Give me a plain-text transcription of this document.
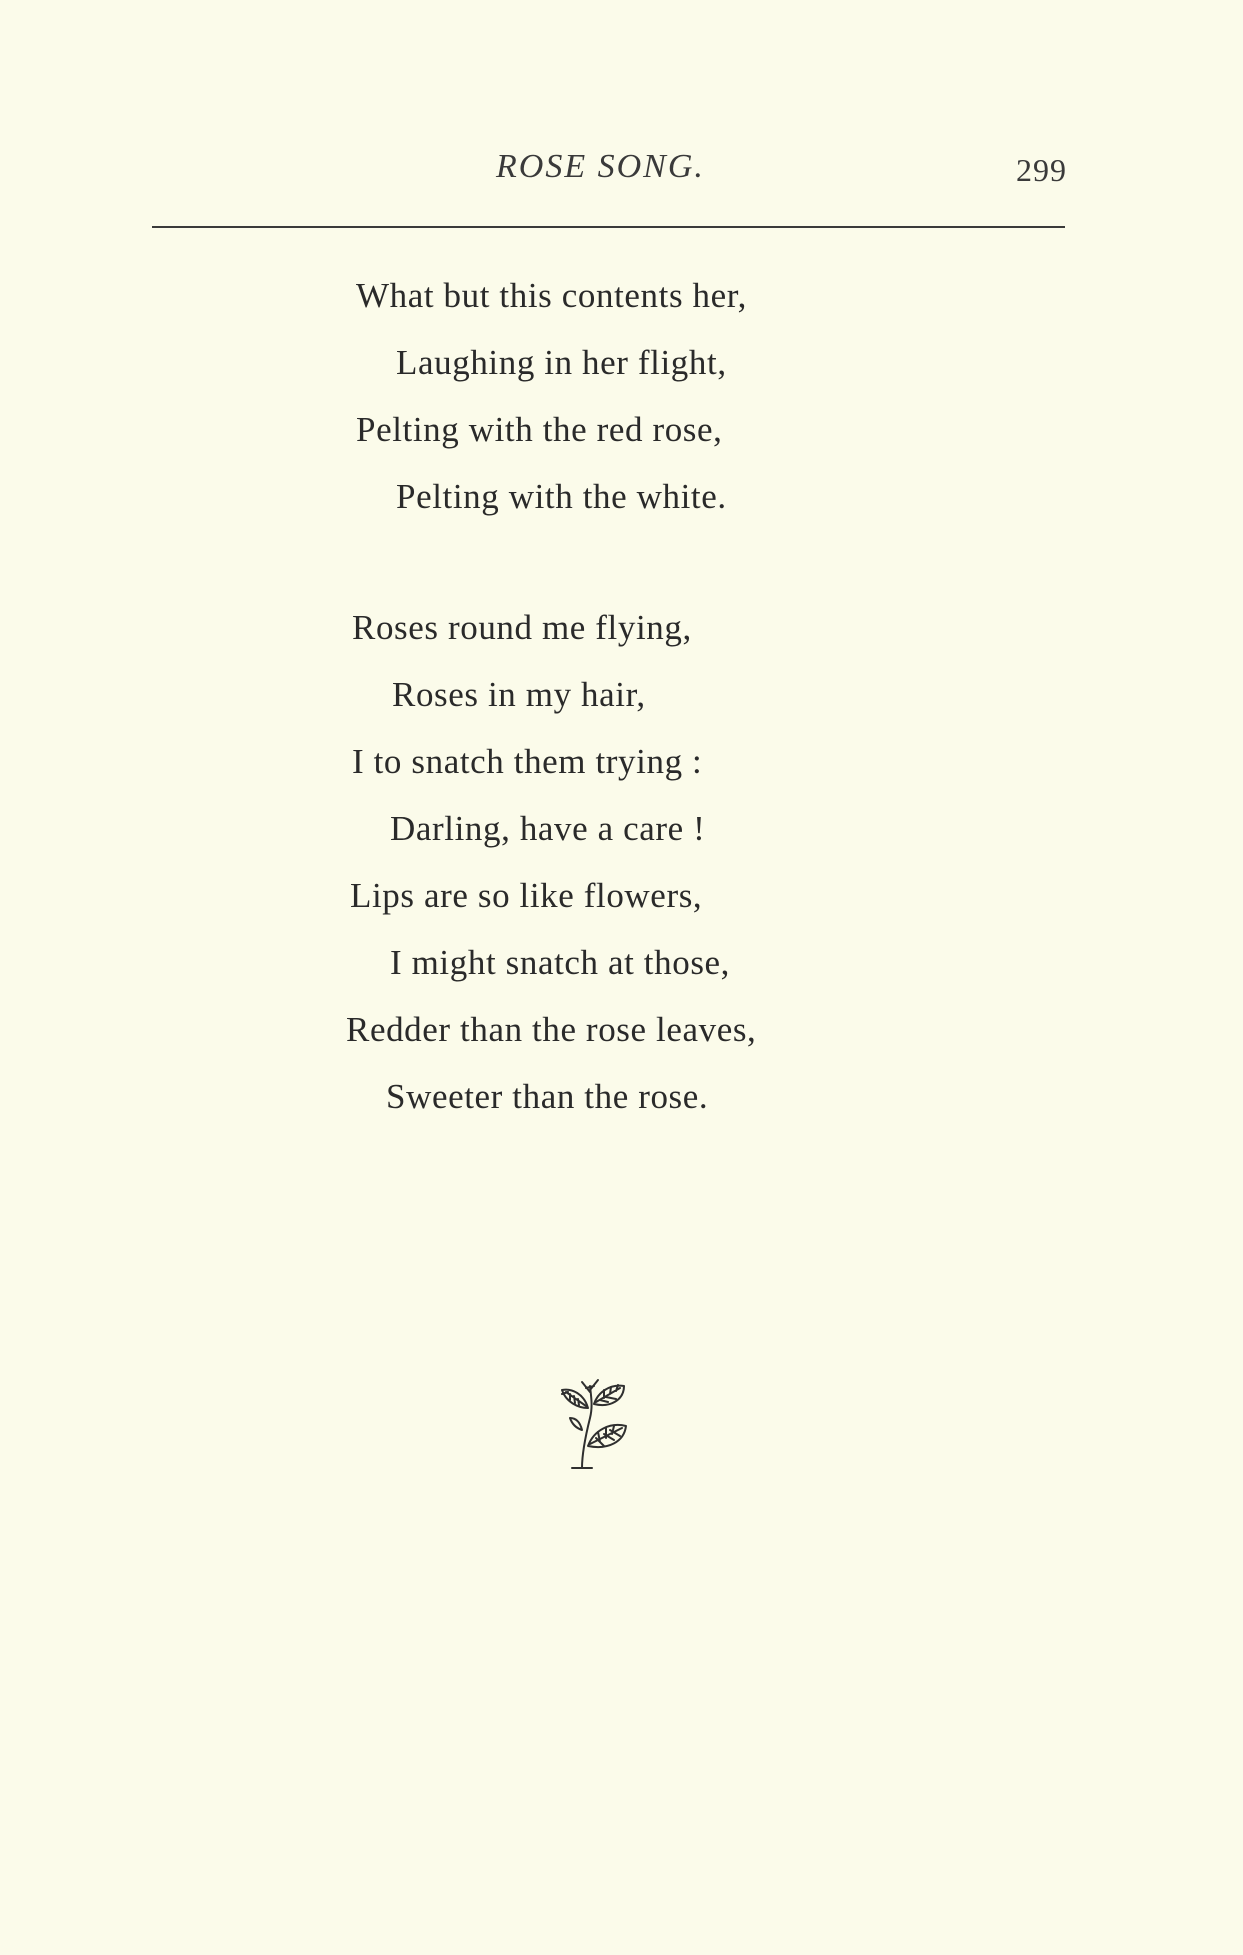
ROSE SONG.	299
What but this contents her,
Laughing in her flight,
Pelting with the red rose,
Pelting with the white.
Roses round me flying,
Roses in my hair,
I to snatch them trying :
Darling, have a care !
Lips are so like flowers,
I might snatch at those,
Redder than the rose leaves,
Sweeter than the rose.
